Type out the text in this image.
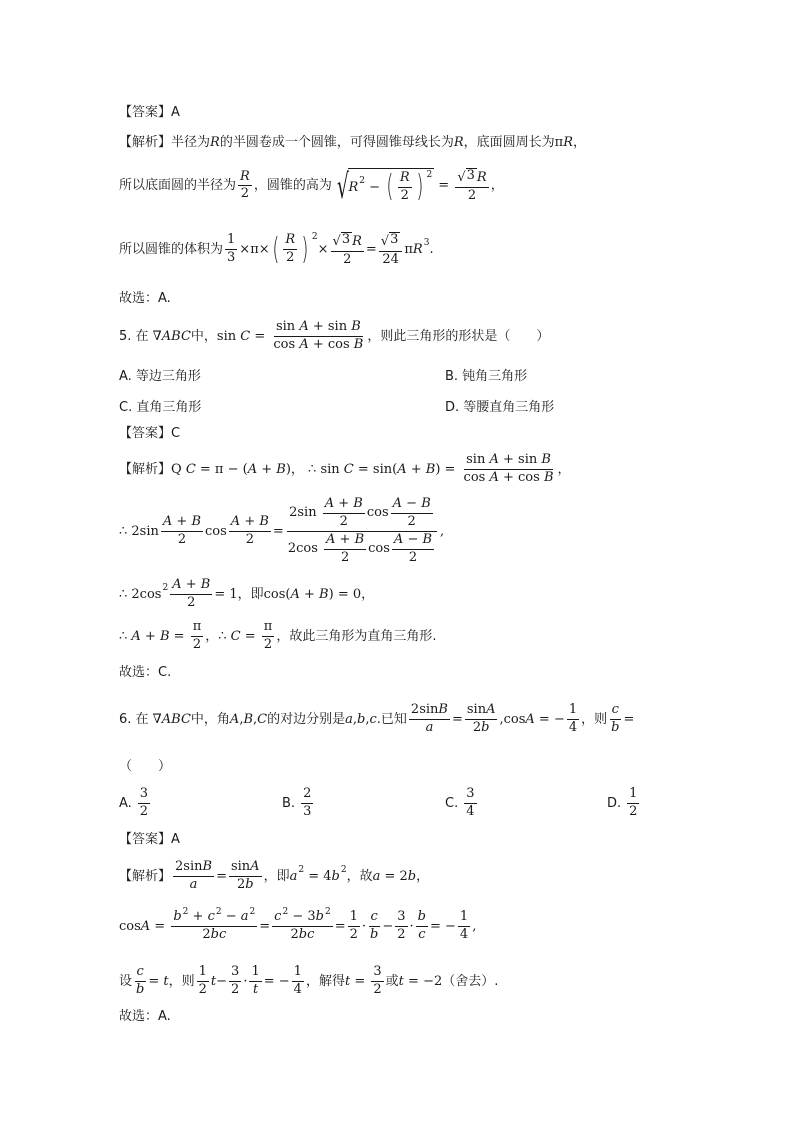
【答案】A
【解析】 半径为 R 的半圆卷成一个圆锥，可得圆锥母线长为 R ，底面圆周长为 π R ，
所以底面圆的半径为 $\frac{R}{2}$ ，圆锥的高为 √ R 2 − ( $\frac{R}{2}$ ) 2
= $\frac{√ 3 R}{2}$ ，
所以圆锥的体积为 $\frac{1}{3} \times\pi\times$ ( $\frac{R}{2}$ ) 2
× $\frac{√ 3 R}{2} = \frac{√ 3}{24}$ π R 3 .
故选：A.
5. 在 ∇ ABC 中， $\sin C = \frac{\text{sin A + sin B}}{\text{cos A + cos B}}$ ，则此三角形的形状是（　　）
A. 等边三角形	B. 钝角三角形
C. 直角三角形	D. 等腰直角三角形
【答案】C
【解析】 Q C = π − ( A + B ) ， ∴ sin C = sin( A + B ) = $\frac{\text{sin A + sin B}}{\text{cos A + cos B}}$ ，
∴ $2\sin \frac{A + B}{2}$ $\cos \frac{A + B}{2} = \frac{2\sin \frac{A + B}{2} \cos \frac{A - B}{2}}{2\cos \frac{A + B}{2} \cos \frac{A - B}{2}}$ ,
∴ 2cos $2 \frac{A + B}{2} = 1$ ，即 cos( A + B ) = 0 ，
∴ $A + B = \frac{\pi}{2}$ ， ∴ $C = \frac{\pi}{2}$ ，故此三角形为直角三角形.
故选：C.
6. 在 ∇ ABC 中，角 A , B , C 的对边分别是 a , b , c .已知 $\frac{2\sin B}{a} = \frac{\sin A}{2b} ,\cos$ A = − $\frac{1}{4}$ ，则 $\frac{c}{b}$ =
（　　）
A. $\frac{3}{2}$	B. $\frac{2}{3}$	C. $\frac{3}{4}$	D. $\frac{1}{2}$
【答案】A
【解析】 $\frac{2\sin B}{a} = \frac{\sin A}{2b}$ ，即 a 2 = 4 b 2 ，故 a = 2 b ，
$\cos A = \frac{b^2 + c^2 - a^2}{2bc} = \frac{c^2 - 3b^2}{2bc} = \frac{1}{2} \cdot \frac{c}{b} - \frac{3}{2} \cdot \frac{b}{c}$ = − $\frac{1}{4}$ ,
设 $\frac{c}{b} = t$ ，则 $\frac{1}{2}$ $t - \frac{3}{2} \cdot \frac{1}{t}$ = − $\frac{1}{4}$ ，解得 $t = \frac{3}{2}$ 或 t = −2 （舍去）.
故选：A.
